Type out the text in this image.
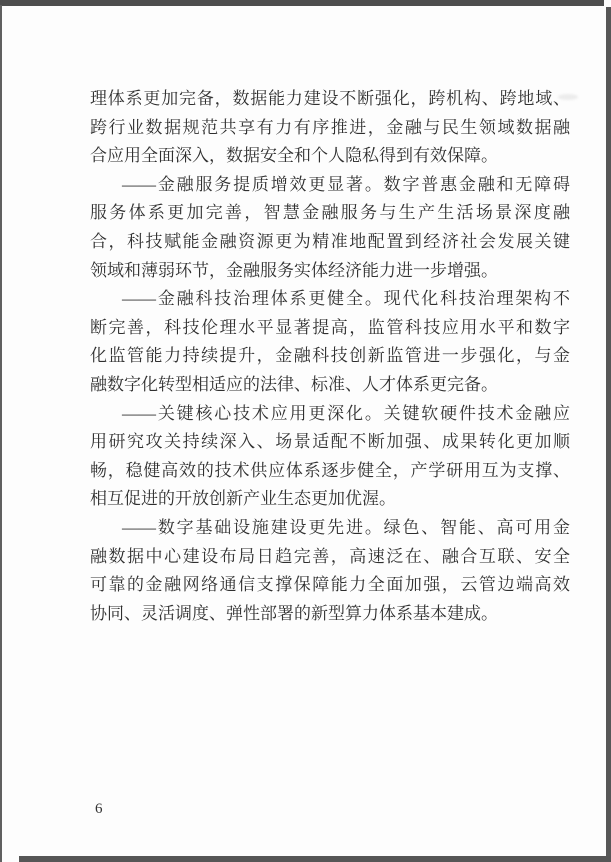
理体系更加完备，数据能力建设不断强化，跨机构、跨地域、
跨行业数据规范共享有力有序推进，金融与民生领域数据融
合应用全面深入，数据安全和个人隐私得到有效保障。
——金融服务提质增效更显著。数字普惠金融和无障碍
服务体系更加完善，智慧金融服务与生产生活场景深度融
合，科技赋能金融资源更为精准地配置到经济社会发展关键
领域和薄弱环节，金融服务实体经济能力进一步增强。
——金融科技治理体系更健全。现代化科技治理架构不
断完善，科技伦理水平显著提高，监管科技应用水平和数字
化监管能力持续提升，金融科技创新监管进一步强化，与金
融数字化转型相适应的法律、标准、人才体系更完备。
——关键核心技术应用更深化。关键软硬件技术金融应
用研究攻关持续深入、场景适配不断加强、成果转化更加顺
畅，稳健高效的技术供应体系逐步健全，产学研用互为支撑、
相互促进的开放创新产业生态更加优渥。
——数字基础设施建设更先进。绿色、智能、高可用金
融数据中心建设布局日趋完善，高速泛在、融合互联、安全
可靠的金融网络通信支撑保障能力全面加强，云管边端高效
协同、灵活调度、弹性部署的新型算力体系基本建成。
6
